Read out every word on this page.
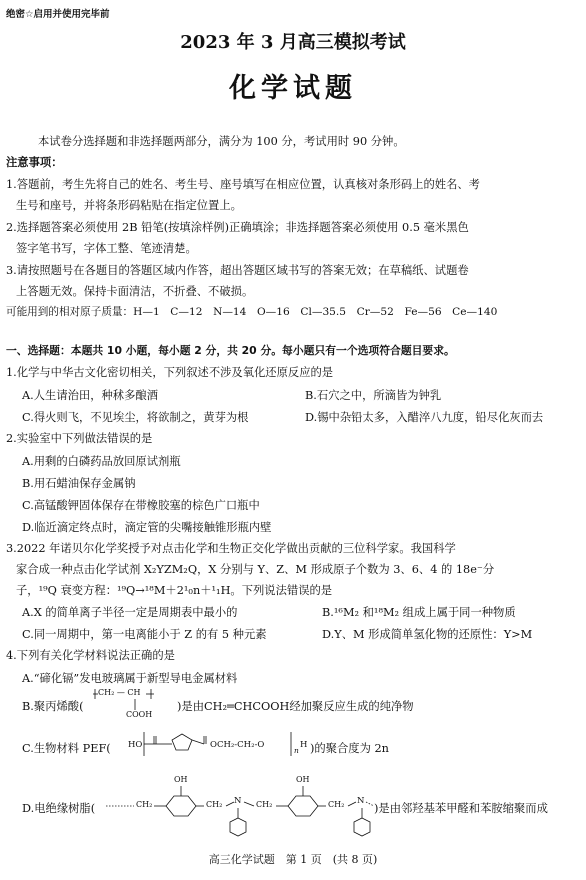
绝密☆启用并使用完毕前
2023 年 3 月高三模拟考试
化学试题
本试卷分选择题和非选择题两部分，满分为 100 分，考试用时 90 分钟。
注意事项：
1.答题前，考生先将自己的姓名、考生号、座号填写在相应位置，认真核对条形码上的姓名、考
生号和座号，并将条形码粘贴在指定位置上。
2.选择题答案必须使用 2B 铅笔(按填涂样例)正确填涂；非选择题答案必须使用 0.5 毫米黑色
签字笔书写，字体工整、笔迹清楚。
3.请按照题号在各题目的答题区域内作答，超出答题区域书写的答案无效；在草稿纸、试题卷
上答题无效。保持卡面清洁，不折叠、不破损。
可能用到的相对原子质量：H—1　C—12　N—14　O—16　Cl—35.5　Cr—52　Fe—56　Ce—140
一、选择题：本题共 10 小题，每小题 2 分，共 20 分。每小题只有一个选项符合题目要求。
1.化学与中华古文化密切相关，下列叙述不涉及氧化还原反应的是
A.人生请治田，种秫多酿酒	B.石穴之中，所滴皆为钟乳
C.得火则飞，不见埃尘，将欲制之，黄芽为根	D.锡中杂铅太多，入醋淬八九度，铅尽化灰而去
2.实验室中下列做法错误的是
A.用剩的白磷药品放回原试剂瓶
B.用石蜡油保存金属钠
C.高锰酸钾固体保存在带橡胶塞的棕色广口瓶中
D.临近滴定终点时，滴定管的尖嘴接触锥形瓶内壁
3.2022 年诺贝尔化学奖授予对点击化学和生物正交化学做出贡献的三位科学家。我国科学
家合成一种点击化学试剂 X₂YZM₂Q，X 分别与 Y、Z、M 形成原子个数为 3、6、4 的 18e⁻分
子，¹⁹Q 衰变方程：¹⁹Q→¹⁸M＋2¹₀n＋¹₁H。下列说法错误的是
A.X 的简单离子半径一定是周期表中最小的	B.¹⁶M₂ 和¹⁸M₂ 组成上属于同一种物质
C.同一周期中，第一电离能小于 Z 的有 5 种元素	D.Y、M 形成简单氢化物的还原性：Y>M
4.下列有关化学材料说法正确的是
A.“碲化镉”发电玻璃属于新型导电金属材料
B.聚丙烯酸(
CH₂ — CH
COOH
)是由CH₂═CHCOOH经加聚反应生成的纯净物
C.生物材料 PEF( HO	OCH₂-CH₂-O
n
H )的聚合度为 2n
D.电绝缘树脂(	CH₂
OH
CH₂ N CH₂
OH
CH₂ N
)是由邻羟基苯甲醛和苯胺缩聚而成
高三化学试题　第 1 页　(共 8 页)
